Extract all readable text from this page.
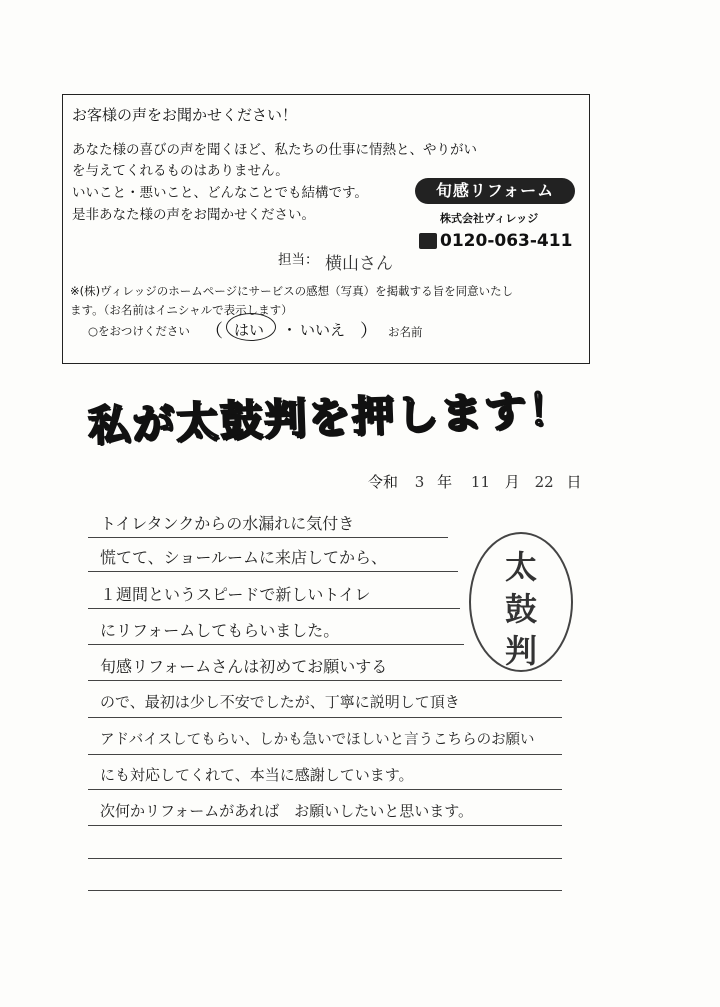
お客様の声をお聞かせください！
あなた様の喜びの声を聞くほど、私たちの仕事に情熱と、やりがい
を与えてくれるものはありません。
いいこと・悪いこと、どんなことでも結構です。
是非あなた様の声をお聞かせください。
旬感リフォーム
株式会社ヴィレッジ
0120-063-411
担当： 横山さん
※(株)ヴィレッジのホームページにサービスの感想（写真）を掲載する旨を同意いたし
ます。（お名前はイニシャルで表示します）
○をおつけください （ はい ・ いいえ ） お名前
私が太鼓判を押します！
令和 3 年 11 月 22 日
太
鼓
判
トイレタンクからの水漏れに気付き
慌てて、ショールームに来店してから、
１週間というスピードで新しいトイレ
にリフォームしてもらいました。
旬感リフォームさんは初めてお願いする
ので、最初は少し不安でしたが、丁寧に説明して頂き
アドバイスしてもらい、しかも急いでほしいと言うこちらのお願い
にも対応してくれて、本当に感謝しています。
次何かリフォームがあれば　お願いしたいと思います。
